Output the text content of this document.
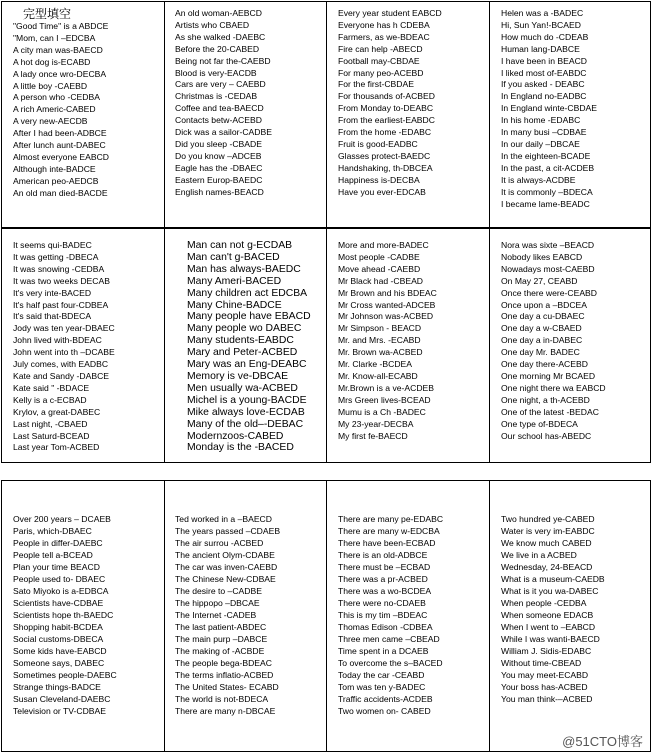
完型填空
"Good Time" is a ABDCE
"Mom, can I –EDCBA
A city man was-BAECD
A hot dog is-ECABD
A lady once wro-DECBA
A little boy -CAEBD
A person who -CEDBA
A rich Americ-CABED
A very new-AECDB
After I had been-ADBCE
After lunch aunt-DABEC
Almost everyone EABCD
Although inte-BADCE
American peo-AEDCB
An old man died-BACDE
An old woman-AEBCD
Artists who CBAED
As she walked -DAEBC
Before the 20-CABED
Being not far the-CAEBD
Blood is very-EACDB
Cars are very – CAEBD
Christmas is -CEDAB
Coffee and tea-BAECD
Contacts betw-ACEBD
Dick was a sailor-CADBE
Did you sleep -CBADE
Do you know –ADCEB
Eagle has the -DBAEC
Eastern Europ-BAEDC
English names-BEACD
Every year student EABCD
Everyone has h CDEBA
Farmers, as we-BDEAC
Fire can help -ABECD
Football may-CBDAE
For many peo-ACEBD
For the first-CBDAE
For thousands of-ACBED
From Monday to-DEABC
From the earliest-EABDC
From the home -EDABC
Fruit is good-EADBC
Glasses protect-BAEDC
Handshaking, th-DBCEA
Happiness is-DECBA
Have you ever-EDCAB
Helen was a -BADEC
Hi, Sun Yan!-BCAED
How much do -CDEAB
Human lang-DABCE
I have been in BEACD
I liked most of-EABDC
If you asked - DEABC
In England no-EADBC
In England winte-CBDAE
In his home -EDABC
In many busi –CDBAE
In our daily –DBCAE
In the eighteen-BCADE
In the past, a cit-ACDEB
It is always-ACDBE
It is commonly –BDECA
I became lame-BEADC
It seems qui-BADEC
It was getting -DBECA
It was snowing -CEDBA
It was two weeks DECAB
It's very inte-BACED
It's half past four-CDBEA
It's said that-BDECA
Jody was ten year-DBAEC
John lived with-BDEAC
John went into th –DCABE
July comes, with EADBC
Kate and Sandy -DABCE
Kate said " -BDACE
Kelly is a c-ECBAD
Krylov, a great-DABEC
Last night, -CBAED
Last Saturd-BCEAD
Last year Tom-ACBED
Man can not g-ECDAB
Man can't g-BACED
Man has always-BAEDC
Many Ameri-BACED
Many children act EDCBA
Many Chine-BADCE
Many people have EBACD
Many people wo DABEC
Many students-EABDC
Mary and Peter-ACBED
Mary was an Eng-DEABC
Memory is ve-DBCAE
Men usually wa-ACBED
Michel is a young-BACDE
Mike always love-ECDAB
Many of the old–-DEBAC
Modernzoos-CABED
Monday is the -BACED
More and more-BADEC
Most people -CADBE
Move ahead -CAEBD
Mr Black had -CBEAD
Mr Brown and his BDEAC
Mr Cross wanted-ADCEB
Mr Johnson was-ACBED
Mr Simpson - BEACD
Mr. and Mrs. -ECABD
Mr. Brown wa-ACBED
Mr. Clarke -BCDEA
Mr. Know-all-ECABD
Mr.Brown is a ve-ACDEB
Mrs Green lives-BCEAD
Mumu is a Ch -BADEC
My 23-year-DECBA
My first fe-BAECD
Nora was sixte –BEACD
Nobody likes EABCD
Nowadays most-CAEBD
On May 27, CEABD
Once there were-CEABD
Once upon a –BDCEA
One day a cu-DBAEC
One day a w-CBAED
One day a in-DABEC
One day Mr. BADEC
One day there-ACEBD
One morning Mr BCAED
One night there wa EABCD
One night, a th-ACEBD
One of the latest -BEDAC
One type of-BDECA
Our school has-ABEDC
Over 200 years – DCAEB
Paris, which-DBAEC
People in differ-DAEBC
People tell a-BCEAD
Plan your time BEACD
People used to- DBAEC
Sato Miyoko is a-EDBCA
Scientists have-CDBAE
Scientists hope th-BAEDC
Shopping habit-BCDEA
Social customs-DBECA
Some kids have-EABCD
Someone says, DABEC
Sometimes people-DAEBC
Strange things-BADCE
Susan Cleveland-DAEBC
Television or TV-CDBAE
Ted worked in a –BAECD
The years passed –CDAEB
The air surrou -ACBED
The ancient Olym-CDABE
The car was inven-CAEBD
The Chinese New-CDBAE
The desire to –CADBE
The hippopo –DBCAE
The Internet -CADEB
The last patient-ABDEC
The main purp –DABCE
The making of -ACBDE
The people bega-BDEAC
The terms inflatio-ACBED
The United States- ECABD
The world is not-BDECA
There are many n-DBCAE
There are many pe-EDABC
There are many w-EDCBA
There have been-ECBAD
There is an old-ADBCE
There must be –ECBAD
There was a pr-ACBED
There was a wo-BCDEA
There were no-CDAEB
This is my tim –BDEAC
Thomas Edison -CDBEA
Three men came –CBEAD
Time spent in a DCAEB
To overcome the s–BACED
Today the car -CEABD
Tom was ten y-BADEC
Traffic accidents-ACDEB
Two women on- CABED
Two hundred ye-CABED
Water is very im-EABDC
We know much CABED
We live in a ACBED
Wednesday, 24-BEACD
What is a museum-CAEDB
What is it you wa-DABEC
When people -CEDBA
When someone EDACB
When I went to –EABCD
While I was wanti-BAECD
William J. Sidis-EDABC
Without time-CBEAD
You may meet-ECABD
Your boss has-ACBED
You man think-–ACBED
@51CTO博客
